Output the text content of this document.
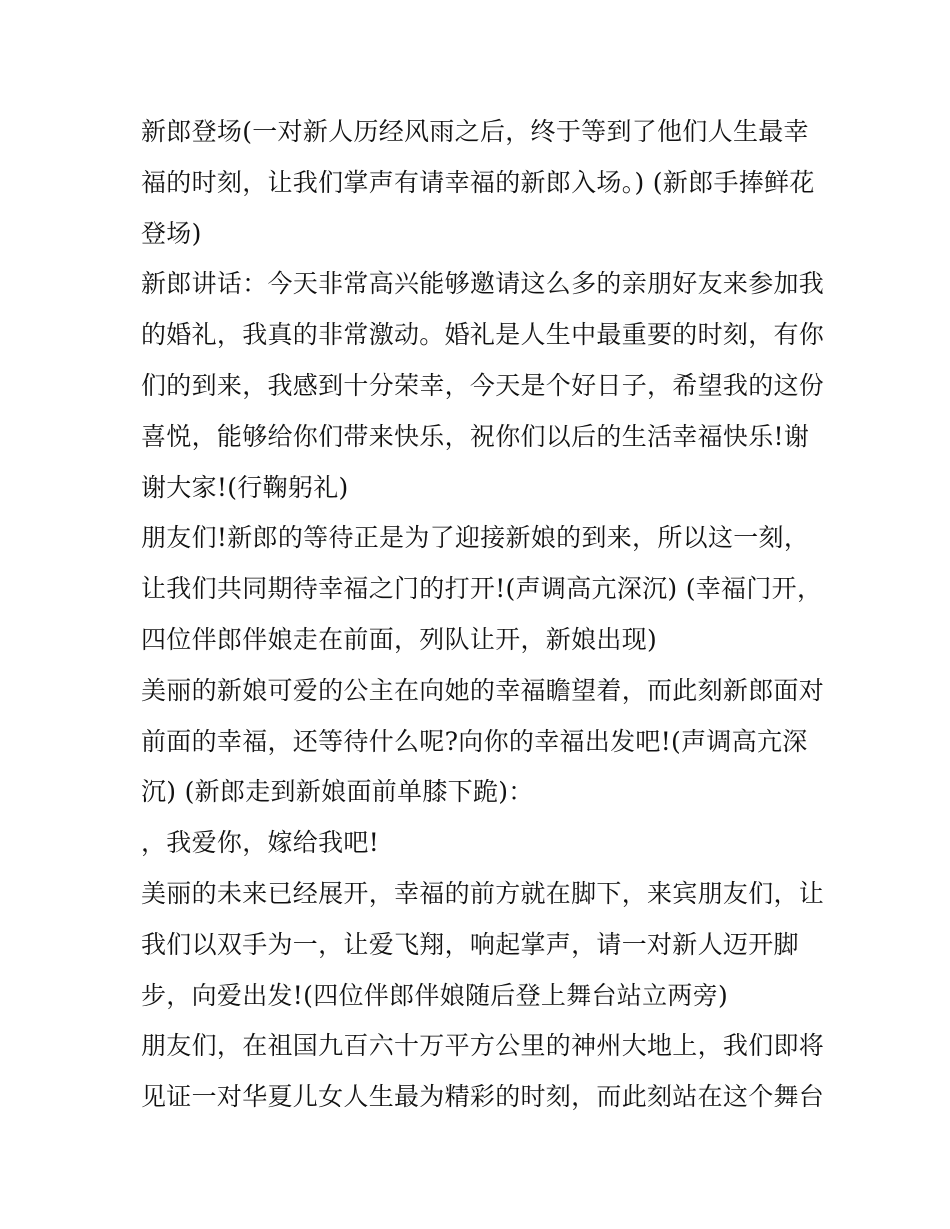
新郎登场(一对新人历经风雨之后，终于等到了他们人生最幸
福的时刻，让我们掌声有请幸福的新郎入场。) (新郎手捧鲜花
登场)
新郎讲话：今天非常高兴能够邀请这么多的亲朋好友来参加我
的婚礼，我真的非常激动。婚礼是人生中最重要的时刻，有你
们的到来，我感到十分荣幸，今天是个好日子，希望我的这份
喜悦，能够给你们带来快乐，祝你们以后的生活幸福快乐!谢
谢大家!(行鞠躬礼)
朋友们!新郎的等待正是为了迎接新娘的到来，所以这一刻，
让我们共同期待幸福之门的打开!(声调高亢深沉) (幸福门开，
四位伴郎伴娘走在前面，列队让开，新娘出现)
美丽的新娘可爱的公主在向她的幸福瞻望着，而此刻新郎面对
前面的幸福，还等待什么呢?向你的幸福出发吧!(声调高亢深
沉) (新郎走到新娘面前单膝下跪)：
，我爱你，嫁给我吧!
美丽的未来已经展开，幸福的前方就在脚下，来宾朋友们，让
我们以双手为一，让爱飞翔，响起掌声，请一对新人迈开脚
步，向爱出发!(四位伴郎伴娘随后登上舞台站立两旁)
朋友们，在祖国九百六十万平方公里的神州大地上，我们即将
见证一对华夏儿女人生最为精彩的时刻，而此刻站在这个舞台
